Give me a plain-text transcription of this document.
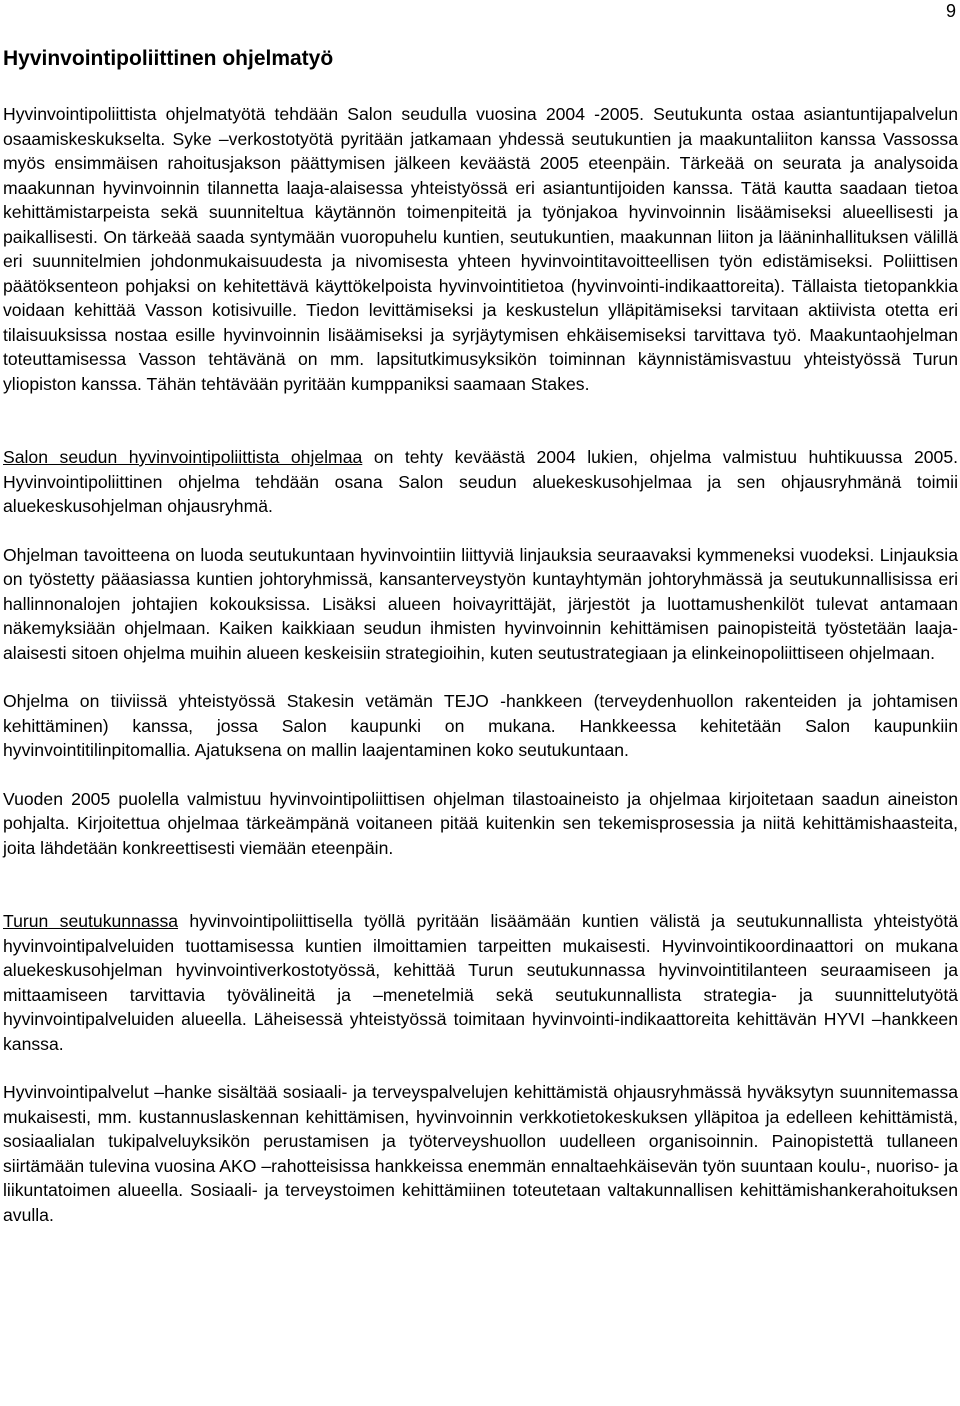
9
Hyvinvointipoliittinen ohjelmatyö

Hyvinvointipoliittista ohjelmatyötä tehdään Salon seudulla vuosina 2004 -2005. Seutukunta ostaa asiantuntijapalvelun osaamiskeskukselta. Syke –verkostotyötä pyritään jatkamaan yhdessä seutukuntien ja maakuntaliiton kanssa Vassossa myös ensimmäisen rahoitusjakson päättymisen jälkeen keväästä 2005 eteenpäin. Tärkeää on seurata ja analysoida maakunnan hyvinvoinnin tilannetta laaja-alaisessa yhteistyössä eri asiantuntijoiden kanssa. Tätä kautta saadaan tietoa kehittämistarpeista sekä suunniteltua käytännön toimenpiteitä ja työnjakoa hyvinvoinnin lisäämiseksi alueellisesti ja paikallisesti. On tärkeää saada syntymään vuoropuhelu kuntien, seutukuntien, maakunnan liiton ja lääninhallituksen välillä eri suunnitelmien johdonmukaisuudesta ja nivomisesta yhteen hyvinvointitavoitteellisen työn edistämiseksi. Poliittisen päätöksenteon pohjaksi on kehitettävä käyttökelpoista hyvinvointitietoa (hyvinvointi-indikaattoreita). Tällaista tietopankkia voidaan kehittää Vasson kotisivuille. Tiedon levittämiseksi ja keskustelun ylläpitämiseksi tarvitaan aktiivista otetta eri tilaisuuksissa nostaa esille hyvinvoinnin lisäämiseksi ja syrjäytymisen ehkäisemiseksi tarvittava työ. Maakuntaohjelman toteuttamisessa Vasson tehtävänä on mm. lapsitutkimusyksikön toiminnan käynnistämisvastuu yhteistyössä Turun yliopiston kanssa. Tähän tehtävään pyritään kumppaniksi saamaan Stakes.

Salon seudun hyvinvointipoliittista ohjelmaa on tehty keväästä 2004 lukien, ohjelma valmistuu huhtikuussa 2005. Hyvinvointipoliittinen ohjelma tehdään osana Salon seudun aluekeskusohjelmaa ja sen ohjausryhmänä toimii aluekeskusohjelman ohjausryhmä.

Ohjelman tavoitteena on luoda seutukuntaan hyvinvointiin liittyviä linjauksia seuraavaksi kymmeneksi vuodeksi. Linjauksia on työstetty pääasiassa kuntien johtoryhmissä, kansanterveystyön kuntayhtymän johtoryhmässä ja seutukunnallisissa eri hallinnonalojen johtajien kokouksissa. Lisäksi alueen hoivayrittäjät, järjestöt ja luottamushenkilöt tulevat antamaan näkemyksiään ohjelmaan. Kaiken kaikkiaan seudun ihmisten hyvinvoinnin kehittämisen painopisteitä työstetään laaja-alaisesti sitoen ohjelma muihin alueen keskeisiin strategioihin, kuten seutustrategiaan ja elinkeinopoliittiseen ohjelmaan.

Ohjelma on tiiviissä yhteistyössä Stakesin vetämän TEJO -hankkeen (terveydenhuollon rakenteiden ja johtamisen kehittäminen) kanssa, jossa Salon kaupunki on mukana. Hankkeessa kehitetään Salon kaupunkiin hyvinvointitilinpitomallia. Ajatuksena on mallin laajentaminen koko seutukuntaan.

Vuoden 2005 puolella valmistuu hyvinvointipoliittisen ohjelman tilastoaineisto ja ohjelmaa kirjoitetaan saadun aineiston pohjalta. Kirjoitettua ohjelmaa tärkeämpänä voitaneen pitää kuitenkin sen tekemisprosessia ja niitä kehittämishaasteita, joita lähdetään konkreettisesti viemään eteenpäin.

Turun seutukunnassa hyvinvointipoliittisella työllä pyritään lisäämään kuntien välistä ja seutukunnallista yhteistyötä hyvinvointipalveluiden tuottamisessa kuntien ilmoittamien tarpeitten mukaisesti. Hyvinvointikoordinaattori on mukana aluekeskusohjelman hyvinvointiverkostotyössä, kehittää Turun seutukunnassa hyvinvointitilanteen seuraamiseen ja mittaamiseen tarvittavia työvälineitä ja –menetelmiä sekä seutukunnallista strategia- ja suunnittelutyötä hyvinvointipalveluiden alueella. Läheisessä yhteistyössä toimitaan hyvinvointi-indikaattoreita kehittävän HYVI –hankkeen kanssa.

Hyvinvointipalvelut –hanke sisältää sosiaali- ja terveyspalvelujen kehittämistä ohjausryhmässä hyväksytyn suunnitemassa mukaisesti, mm. kustannuslaskennan kehittämisen, hyvinvoinnin verkkotietokeskuksen ylläpitoa ja edelleen kehittämistä, sosiaalialan tukipalveluyksikön perustamisen ja työterveyshuollon uudelleen organisoinnin. Painopistettä tullaneen siirtämään tulevina vuosina AKO –rahotteisissa hankkeissa enemmän ennaltaehkäisevän työn suuntaan koulu-, nuoriso- ja liikuntatoimen alueella. Sosiaali- ja terveystoimen kehittämiinen toteutetaan valtakunnallisen kehittämishankerahoituksen avulla.
